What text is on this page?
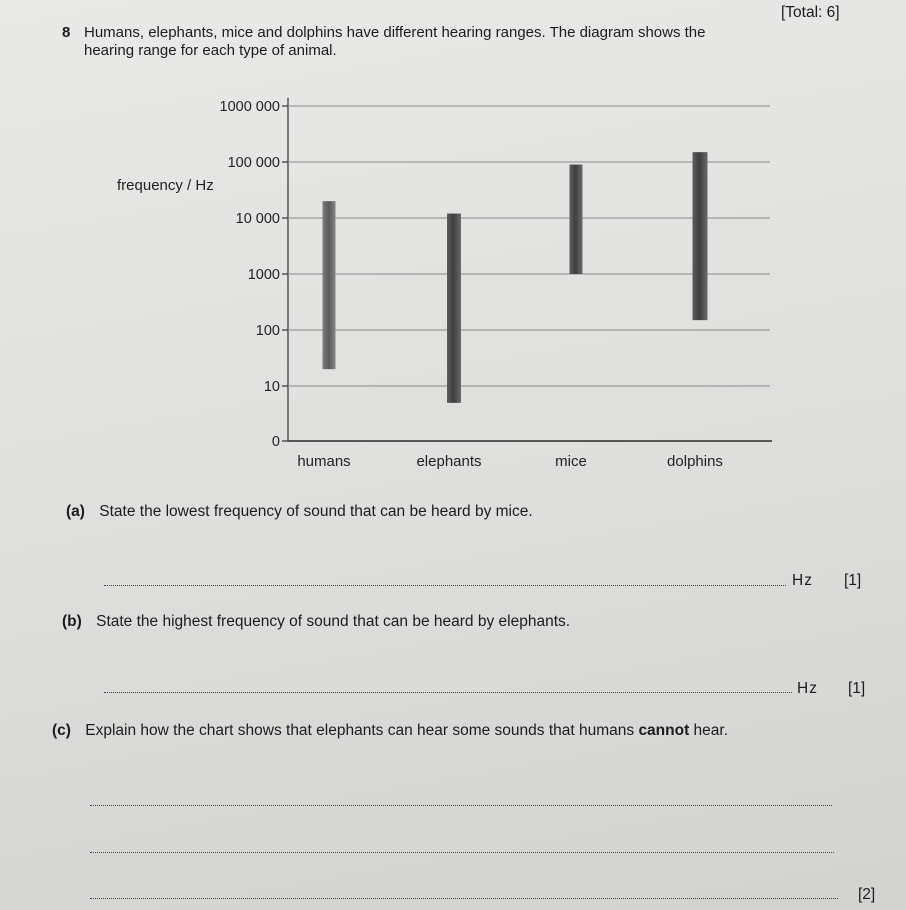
[Total: 6]
8 Humans, elephants, mice and dolphins have different hearing ranges. The diagram shows the
hearing range for each type of animal.
frequency / Hz
0
10
100
1000
10 000
100 000
1000 000
humans	elephants	mice	dolphins
(a) State the lowest frequency of sound that can be heard by mice.
Hz [1]
(b) State the highest frequency of sound that can be heard by elephants.
Hz [1]
(c) Explain how the chart shows that elephants can hear some sounds that humans cannot hear.
[2]
